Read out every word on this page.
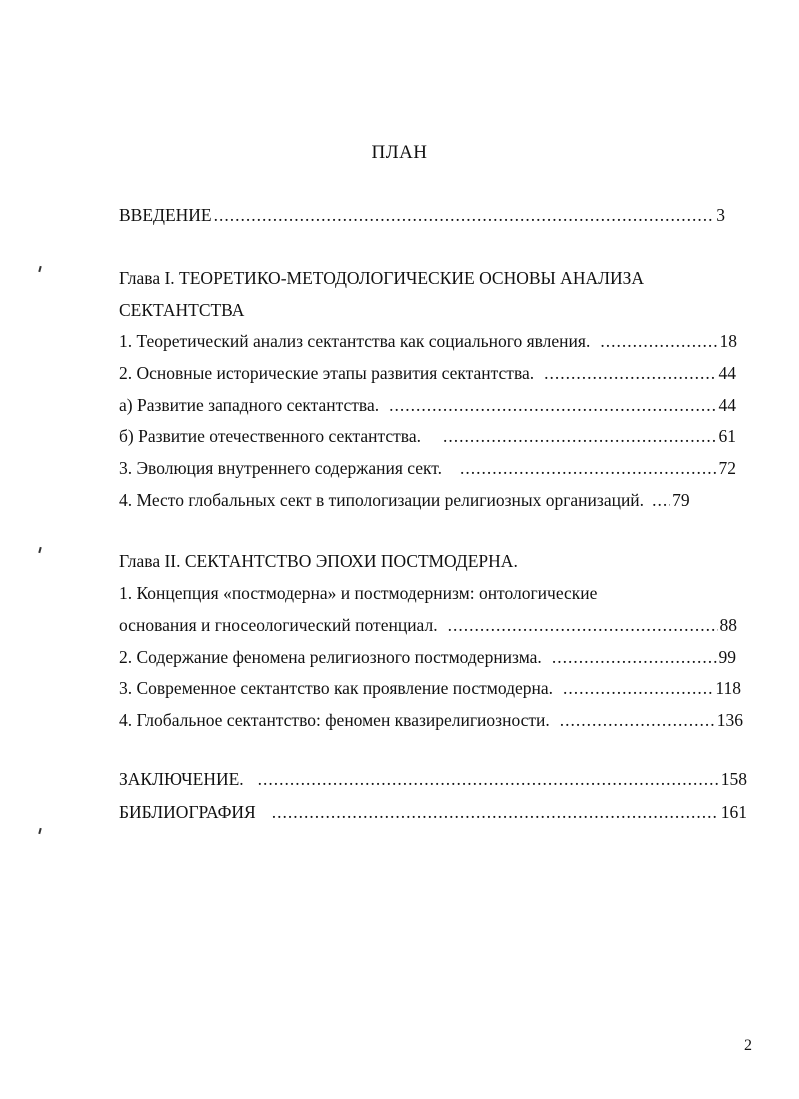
ПЛАН
ВВЕДЕНИЕ .....	3
Глава I. ТЕОРЕТИКО-МЕТОДОЛОГИЧЕСКИЕ ОСНОВЫ АНАЛИЗА
СЕКТАНТСТВА
1. Теоретический анализ сектантства как социального явления. .....	18
2. Основные исторические этапы развития сектантства. .....	44
а) Развитие западного сектантства. .....	44
б) Развитие отечественного сектантства. .....	61
3. Эволюция внутреннего содержания сект. .....	72
4. Место глобальных сект в типологизации религиозных организаций. ..... 79
Глава II. СЕКТАНТСТВО ЭПОХИ ПОСТМОДЕРНА.
1. Концепция «постмодерна» и постмодернизм: онтологические
основания и гносеологический потенциал. .....	88
2. Содержание феномена религиозного постмодернизма. .....	99
3. Современное сектантство как проявление постмодерна. .....	118
4. Глобальное сектантство: феномен квазирелигиозности. .....	136
ЗАКЛЮЧЕНИЕ. .....	158
БИБЛИОГРАФИЯ .....	161
2
